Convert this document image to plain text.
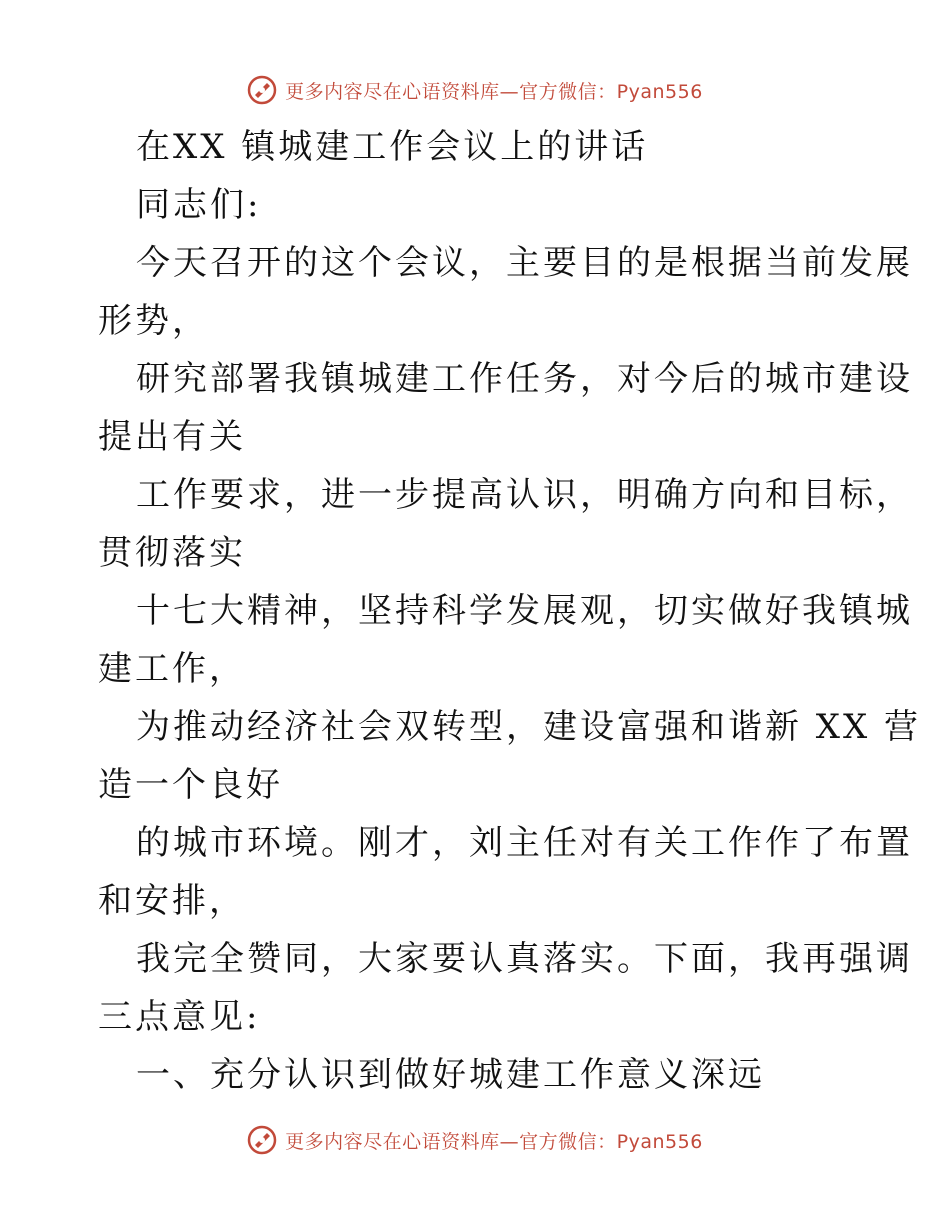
更多内容尽在心语资料库—官方微信：Pyan556
在XX 镇城建工作会议上的讲话
同志们:
今天召开的这个会议，主要目的是根据当前发展
形势，
研究部署我镇城建工作任务，对今后的城市建设
提出有关
工作要求，进一步提高认识，明确方向和目标，
贯彻落实
十七大精神，坚持科学发展观，切实做好我镇城
建工作，
为推动经济社会双转型，建设富强和谐新 XX 营
造一个良好
的城市环境。刚才，刘主任对有关工作作了布置
和安排，
我完全赞同，大家要认真落实。下面，我再强调
三点意见:
一、充分认识到做好城建工作意义深远
更多内容尽在心语资料库—官方微信：Pyan556
